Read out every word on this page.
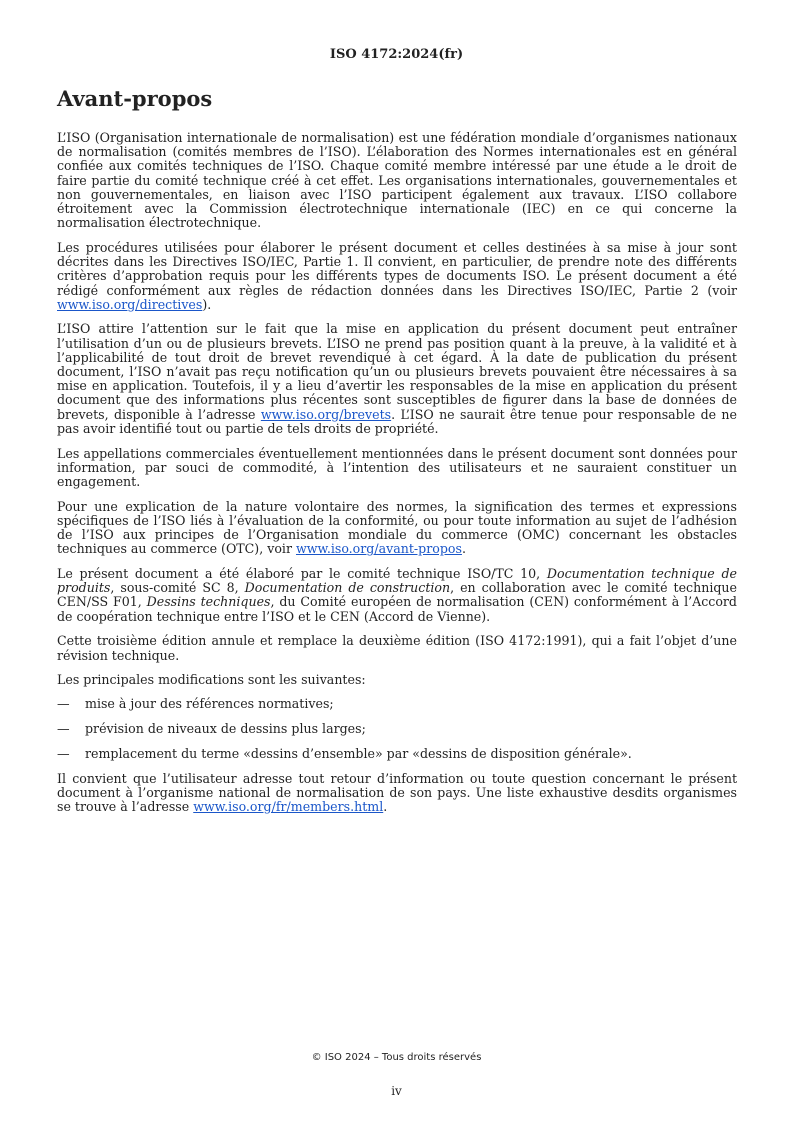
ISO 4172:2024(fr)
Avant-propos

L’ISO (Organisation internationale de normalisation) est une fédération mondiale d’organismes nationaux de normalisation (comités membres de l’ISO). L’élaboration des Normes internationales est en général confiée aux comités techniques de l’ISO. Chaque comité membre intéressé par une étude a le droit de faire partie du comité technique créé à cet effet. Les organisations internationales, gouvernementales et non gouvernementales, en liaison avec l’ISO participent également aux travaux. L’ISO collabore étroitement avec la Commission électrotechnique internationale (IEC) en ce qui concerne la normalisation électrotechnique.

Les procédures utilisées pour élaborer le présent document et celles destinées à sa mise à jour sont décrites dans les Directives ISO/IEC, Partie 1. Il convient, en particulier, de prendre note des différents critères d’approbation requis pour les différents types de documents ISO. Le présent document a été rédigé conformément aux règles de rédaction données dans les Directives ISO/IEC, Partie 2 (voir www.iso.org/directives).

L’ISO attire l’attention sur le fait que la mise en application du présent document peut entraîner l’utilisation d’un ou de plusieurs brevets. L’ISO ne prend pas position quant à la preuve, à la validité et à l’applicabilité de tout droit de brevet revendiqué à cet égard. À la date de publication du présent document, l’ISO n’avait pas reçu notification qu’un ou plusieurs brevets pouvaient être nécessaires à sa mise en application. Toutefois, il y a lieu d’avertir les responsables de la mise en application du présent document que des informations plus récentes sont susceptibles de figurer dans la base de données de brevets, disponible à l’adresse www.iso.org/brevets. L’ISO ne saurait être tenue pour responsable de ne pas avoir identifié tout ou partie de tels droits de propriété.

Les appellations commerciales éventuellement mentionnées dans le présent document sont données pour information, par souci de commodité, à l’intention des utilisateurs et ne sauraient constituer un engagement.

Pour une explication de la nature volontaire des normes, la signification des termes et expressions spécifiques de l’ISO liés à l’évaluation de la conformité, ou pour toute information au sujet de l’adhésion de l’ISO aux principes de l’Organisation mondiale du commerce (OMC) concernant les obstacles techniques au commerce (OTC), voir www.iso.org/avant-propos.

Le présent document a été élaboré par le comité technique ISO/TC 10, Documentation technique de produits, sous-comité SC 8, Documentation de construction, en collaboration avec le comité technique CEN/SS F01, Dessins techniques, du Comité européen de normalisation (CEN) conformément à l’Accord de coopération technique entre l’ISO et le CEN (Accord de Vienne).

Cette troisième édition annule et remplace la deuxième édition (ISO 4172:1991), qui a fait l’objet d’une révision technique.

Les principales modifications sont les suivantes:

—	mise à jour des références normatives;
—	prévision de niveaux de dessins plus larges;
—	remplacement du terme «dessins d’ensemble» par «dessins de disposition générale».

Il convient que l’utilisateur adresse tout retour d’information ou toute question concernant le présent document à l’organisme national de normalisation de son pays. Une liste exhaustive desdits organismes se trouve à l’adresse www.iso.org/fr/members.html.

© ISO 2024 – Tous droits réservés
iv
